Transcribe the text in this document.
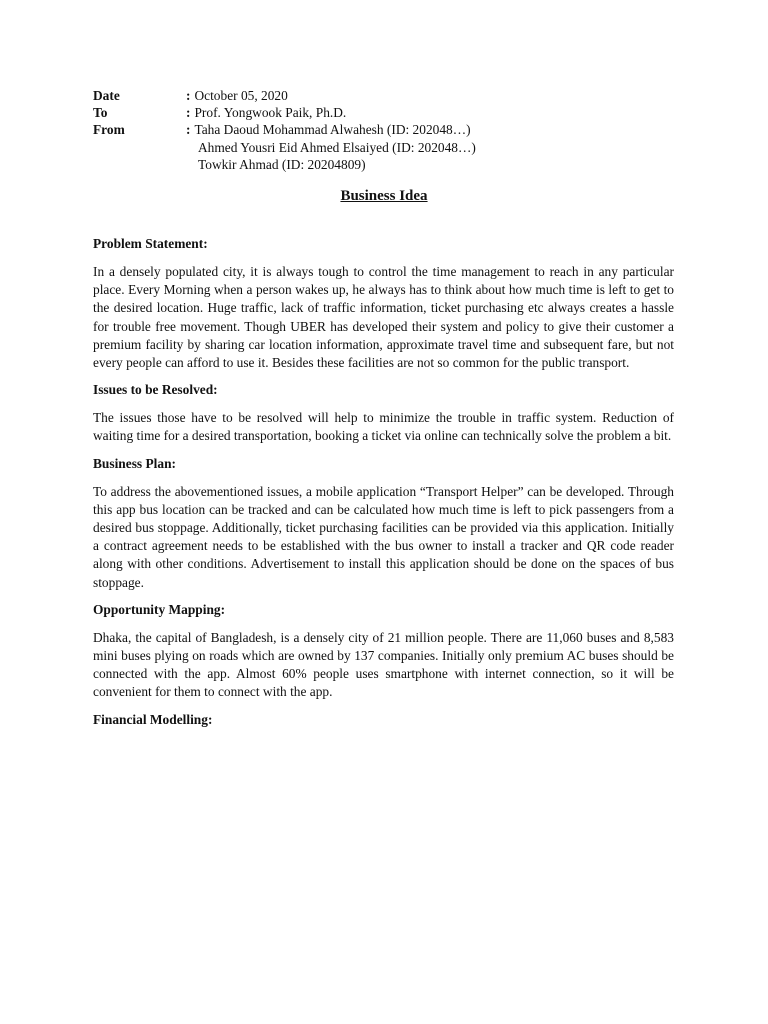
Date	: October 05, 2020
To	: Prof. Yongwook Paik, Ph.D.
From	: Taha Daoud Mohammad Alwahesh (ID: 202048…)
Ahmed Yousri Eid Ahmed Elsaiyed (ID: 202048…)
Towkir Ahmad (ID: 20204809)
Business Idea
Problem Statement:

In a densely populated city, it is always tough to control the time management to reach in any particular place. Every Morning when a person wakes up, he always has to think about how much time is left to get to the desired location. Huge traffic, lack of traffic information, ticket purchasing etc always creates a hassle for trouble free movement. Though UBER has developed their system and policy to give their customer a premium facility by sharing car location information, approximate travel time and subsequent fare, but not every people can afford to use it. Besides these facilities are not so common for the public transport.

Issues to be Resolved:

The issues those have to be resolved will help to minimize the trouble in traffic system. Reduction of waiting time for a desired transportation, booking a ticket via online can technically solve the problem a bit.

Business Plan:

To address the abovementioned issues, a mobile application “Transport Helper” can be developed. Through this app bus location can be tracked and can be calculated how much time is left to pick passengers from a desired bus stoppage. Additionally, ticket purchasing facilities can be provided via this application. Initially a contract agreement needs to be established with the bus owner to install a tracker and QR code reader along with other conditions. Advertisement to install this application should be done on the spaces of bus stoppage.

Opportunity Mapping:

Dhaka, the capital of Bangladesh, is a densely city of 21 million people. There are 11,060 buses and 8,583 mini buses plying on roads which are owned by 137 companies. Initially only premium AC buses should be connected with the app. Almost 60% people uses smartphone with internet connection, so it will be convenient for them to connect with the app.

Financial Modelling:
